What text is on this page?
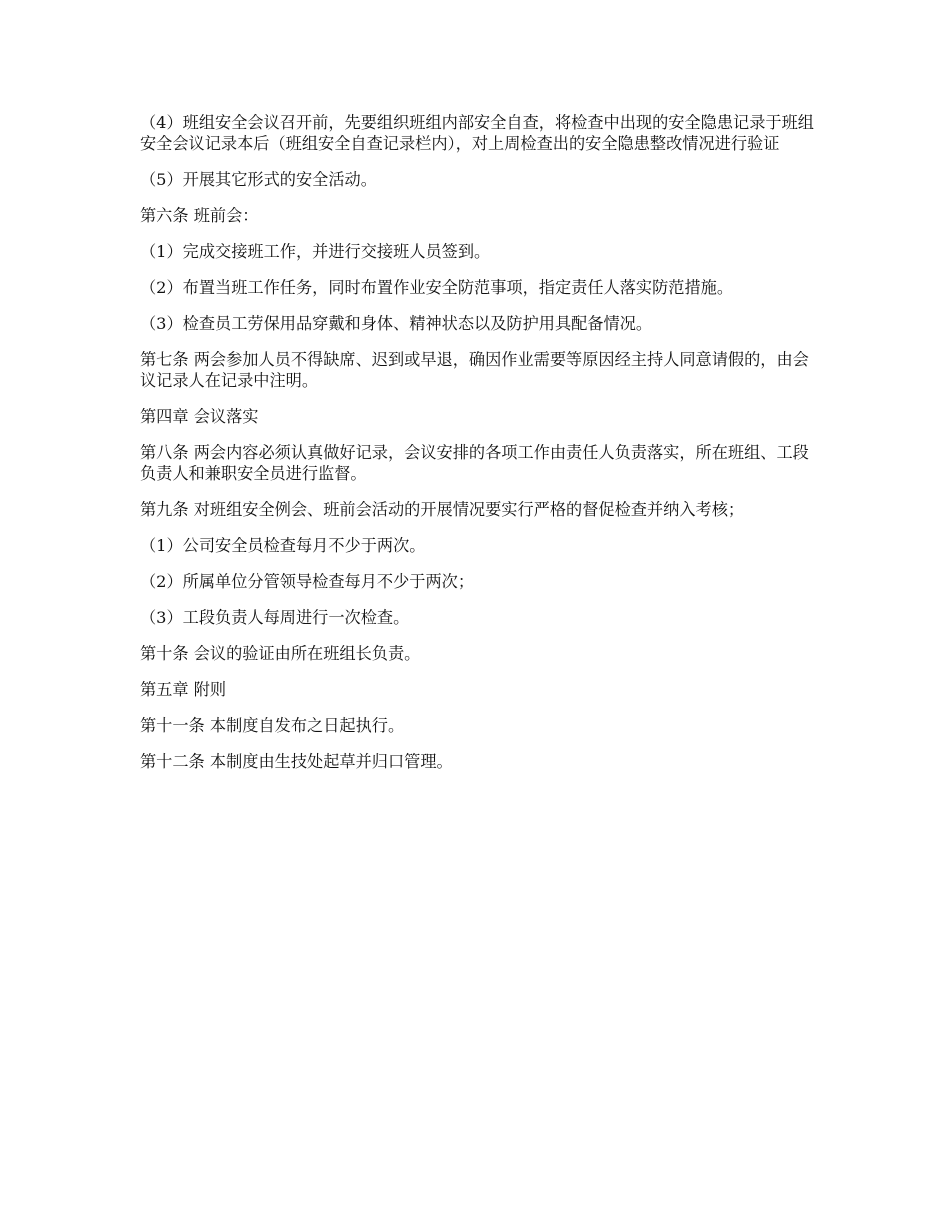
（4）班组安全会议召开前，先要组织班组内部安全自查，将检查中出现的安全隐患记录于班组安全会议记录本后（班组安全自查记录栏内），对上周检查出的安全隐患整改情况进行验证

（5）开展其它形式的安全活动。

第六条 班前会：

（1）完成交接班工作，并进行交接班人员签到。

（2）布置当班工作任务，同时布置作业安全防范事项，指定责任人落实防范措施。

（3）检查员工劳保用品穿戴和身体、精神状态以及防护用具配备情况。

第七条 两会参加人员不得缺席、迟到或早退，确因作业需要等原因经主持人同意请假的，由会议记录人在记录中注明。

第四章 会议落实

第八条 两会内容必须认真做好记录，会议安排的各项工作由责任人负责落实，所在班组、工段负责人和兼职安全员进行监督。

第九条 对班组安全例会、班前会活动的开展情况要实行严格的督促检查并纳入考核；

（1）公司安全员检查每月不少于两次。

（2）所属单位分管领导检查每月不少于两次；

（3）工段负责人每周进行一次检查。

第十条 会议的验证由所在班组长负责。

第五章 附则

第十一条 本制度自发布之日起执行。

第十二条 本制度由生技处起草并归口管理。
